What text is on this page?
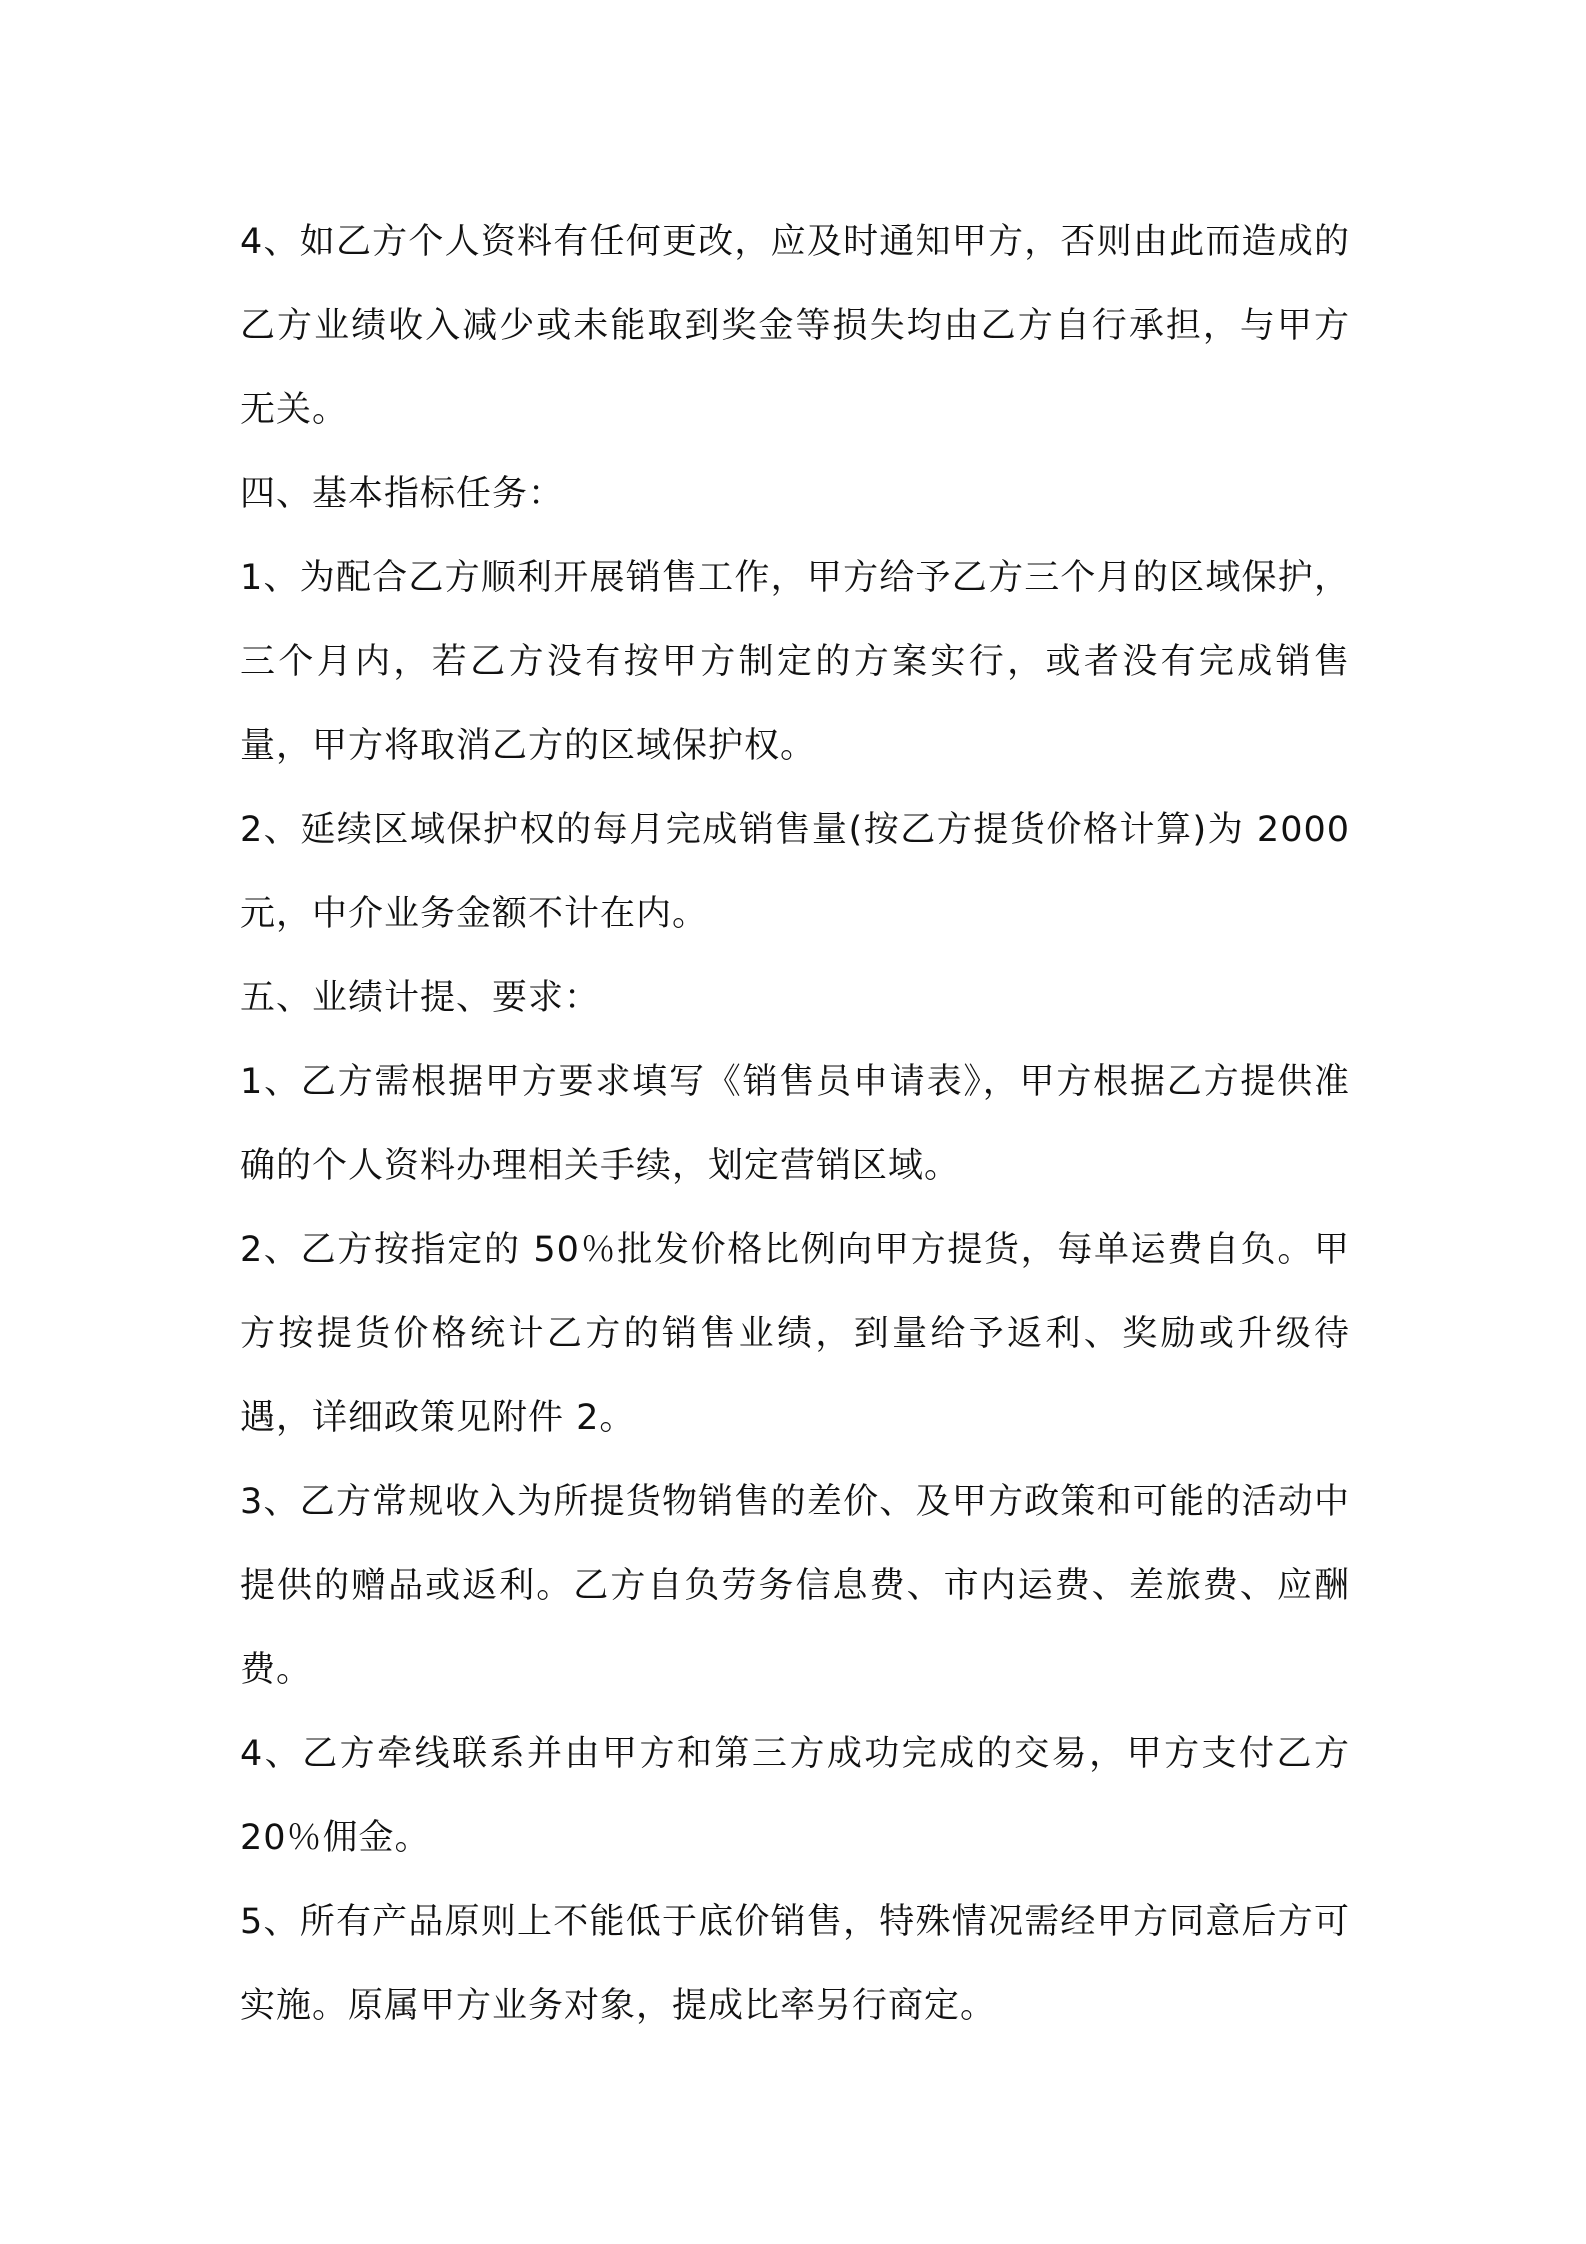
4、如乙方个人资料有任何更改，应及时通知甲方，否则由此而造成的乙方业绩收入减少或未能取到奖金等损失均由乙方自行承担，与甲方无关。

四、基本指标任务：

1、为配合乙方顺利开展销售工作，甲方给予乙方三个月的区域保护，三个月内，若乙方没有按甲方制定的方案实行，或者没有完成销售量，甲方将取消乙方的区域保护权。

2、延续区域保护权的每月完成销售量(按乙方提货价格计算)为 2000元，中介业务金额不计在内。

五、业绩计提、要求：

1、乙方需根据甲方要求填写《销售员申请表》，甲方根据乙方提供准确的个人资料办理相关手续，划定营销区域。

2、乙方按指定的 50％批发价格比例向甲方提货，每单运费自负。甲方按提货价格统计乙方的销售业绩，到量给予返利、奖励或升级待遇，详细政策见附件 2。

3、乙方常规收入为所提货物销售的差价、及甲方政策和可能的活动中提供的赠品或返利。乙方自负劳务信息费、市内运费、差旅费、应酬费。

4、乙方牵线联系并由甲方和第三方成功完成的交易，甲方支付乙方20％佣金。

5、所有产品原则上不能低于底价销售，特殊情况需经甲方同意后方可实施。原属甲方业务对象，提成比率另行商定。
